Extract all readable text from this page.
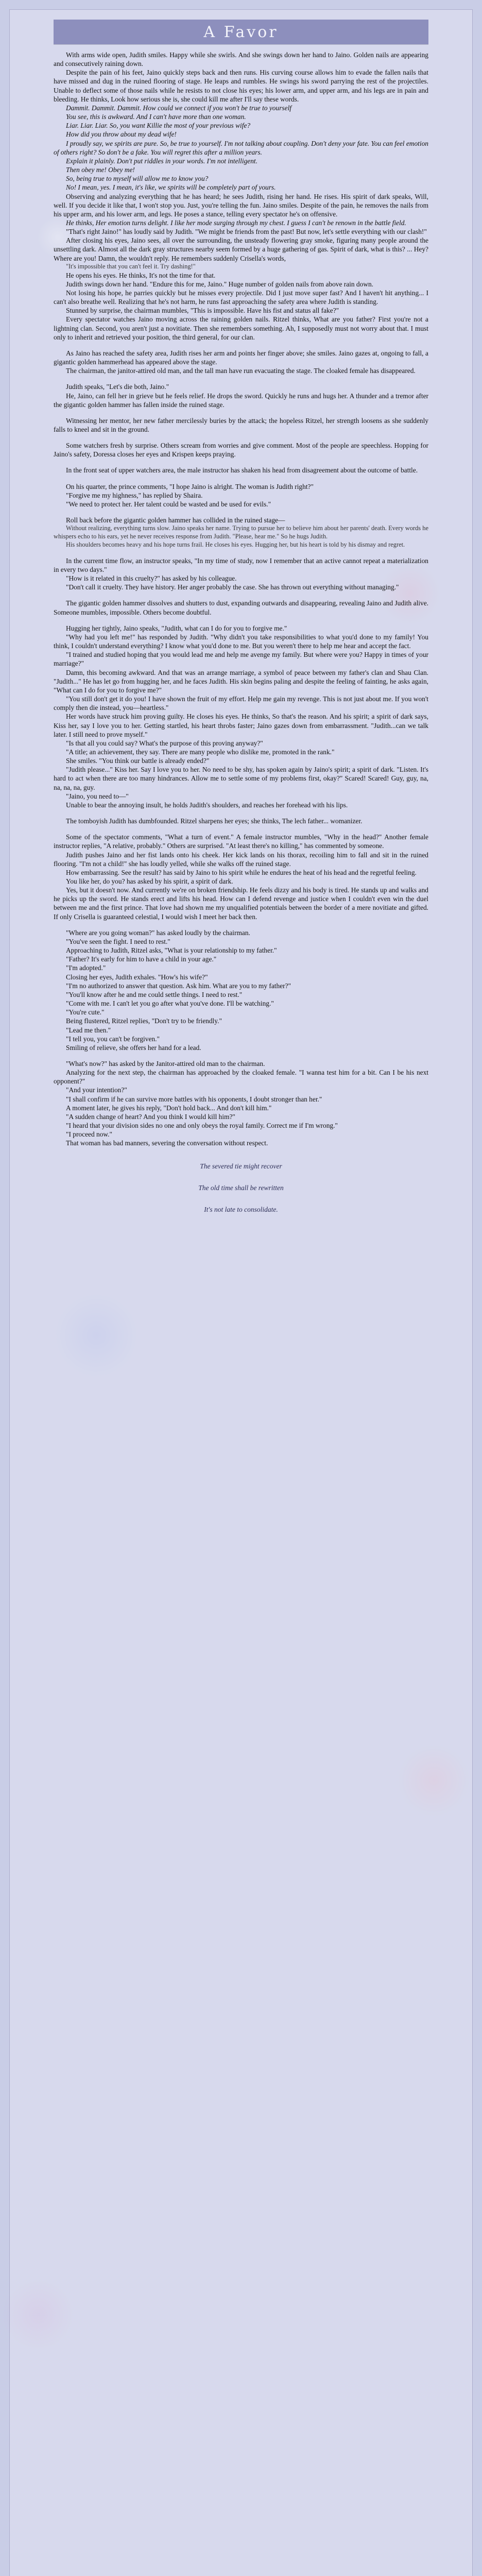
A Favor

With arms wide open, Judith smiles. Happy while she swirls. And she swings down her hand to Jaino. Golden nails are appearing and consecutively raining down.

Despite the pain of his feet, Jaino quickly steps back and then runs. His curving course allows him to evade the fallen nails that have missed and dug in the ruined flooring of stage. He leaps and rumbles. He swings his sword parrying the rest of the projectiles. Unable to deflect some of those nails while he resists to not close his eyes; his lower arm, and upper arm, and his legs are in pain and bleeding. He thinks, Look how serious she is, she could kill me after I'll say these words.

Dammit. Dammit. Dammit. How could we connect if you won't be true to yourself

You see, this is awkward. And I can't have more than one woman.

Liar. Liar. Liar. So, you want Killie the most of your previous wife?

How did you throw about my dead wife!

I proudly say, we spirits are pure. So, be true to yourself. I'm not talking about coupling. Don't deny your fate. You can feel emotion of others right? So don't be a fake. You will regret this after a million years.

Explain it plainly. Don't put riddles in your words. I'm not intelligent.

Then obey me! Obey me!

So, being true to myself will allow me to know you?

No! I mean, yes. I mean, it's like, we spirits will be completely part of yours.

Observing and analyzing everything that he has heard; he sees Judith, rising her hand. He rises. His spirit of dark speaks, Will, well. If you decide it like that, I won't stop you. Just, you're telling the fun. Jaino smiles. Despite of the pain, he removes the nails from his upper arm, and his lower arm, and legs. He poses a stance, telling every spectator he's on offensive.

He thinks, Her emotion turns delight. I like her mode surging through my chest. I guess I can't be renown in the battle field.

"That's right Jaino!" has loudly said by Judith. "We might be friends from the past! But now, let's settle everything with our clash!"

After closing his eyes, Jaino sees, all over the surrounding, the unsteady flowering gray smoke, figuring many people around the unsettling dark. Almost all the dark gray structures nearby seem formed by a huge gathering of gas. Spirit of dark, what is this? ... Hey? Where are you! Damn, the wouldn't reply. He remembers suddenly Crisella's words,

"It's impossible that you can't feel it. Try dashing!"

He opens his eyes. He thinks, It's not the time for that.

Judith swings down her hand. "Endure this for me, Jaino." Huge number of golden nails from above rain down.

Not losing his hope, he parries quickly but he misses every projectile. Did I just move super fast? And I haven't hit anything... I can't also breathe well. Realizing that he's not harm, he runs fast approaching the safety area where Judith is standing.

Stunned by surprise, the chairman mumbles, "This is impossible. Have his fist and status all fake?"

Every spectator watches Jaino moving across the raining golden nails. Ritzel thinks, What are you father? First you're not a lightning clan. Second, you aren't just a novitiate. Then she remembers something. Ah, I supposedly must not worry about that. I must only to inherit and retrieved your position, the third general, for our clan.

As Jaino has reached the safety area, Judith rises her arm and points her finger above; she smiles. Jaino gazes at, ongoing to fall, a gigantic golden hammerhead has appeared above the stage.

The chairman, the janitor-attired old man, and the tall man have run evacuating the stage. The cloaked female has disappeared.

Judith speaks, "Let's die both, Jaino."

He, Jaino, can fell her in grieve but he feels relief. He drops the sword. Quickly he runs and hugs her. A thunder and a tremor after the gigantic golden hammer has fallen inside the ruined stage.

Witnessing her mentor, her new father mercilessly buries by the attack; the hopeless Ritzel, her strength loosens as she suddenly falls to kneel and sit in the ground.

Some watchers fresh by surprise. Others scream from worries and give comment. Most of the people are speechless. Hopping for Jaino's safety, Doressa closes her eyes and Krispen keeps praying.

In the front seat of upper watchers area, the male instructor has shaken his head from disagreement about the outcome of battle.

On his quarter, the prince comments, "I hope Jaino is alright. The woman is Judith right?"

"Forgive me my highness," has replied by Shaira.

"We need to protect her. Her talent could be wasted and be used for evils."

Roll back before the gigantic golden hammer has collided in the ruined stage—

Without realizing, everything turns slow. Jaino speaks her name. Trying to pursue her to believe him about her parents' death. Every words he whispers echo to his ears, yet he never receives response from Judith. "Please, hear me." So he hugs Judith.

His shoulders becomes heavy and his hope turns frail. He closes his eyes. Hugging her, but his heart is told by his dismay and regret.

In the current time flow, an instructor speaks, "In my time of study, now I remember that an active cannot repeat a materialization in every two days."

"How is it related in this cruelty?" has asked by his colleague.

"Don't call it cruelty. They have history. Her anger probably the case. She has thrown out everything without managing."

The gigantic golden hammer dissolves and shutters to dust, expanding outwards and disappearing, revealing Jaino and Judith alive. Someone mumbles, impossible. Others become doubtful.

Hugging her tightly, Jaino speaks, "Judith, what can I do for you to forgive me."

"Why had you left me!" has responded by Judith. "Why didn't you take responsibilities to what you'd done to my family! You think, I couldn't understand everything? I know what you'd done to me. But you weren't there to help me hear and accept the fact.

"I trained and studied hoping that you would lead me and help me avenge my family. But where were you? Happy in times of your marriage?"

Damn, this becoming awkward. And that was an arrange marriage, a symbol of peace between my father's clan and Shau Clan. "Judith..." He has let go from hugging her, and he faces Judith. His skin begins paling and despite the feeling of fainting, he asks again, "What can I do for you to forgive me?"

"You still don't get it do you! I have shown the fruit of my effort. Help me gain my revenge. This is not just about me. If you won't comply then die instead, you—heartless."

Her words have struck him proving guilty. He closes his eyes. He thinks, So that's the reason. And his spirit; a spirit of dark says, Kiss her, say I love you to her. Getting startled, his heart throbs faster; Jaino gazes down from embarrassment. "Judith...can we talk later. I still need to prove myself."

"Is that all you could say? What's the purpose of this proving anyway?"

"A title; an achievement, they say. There are many people who dislike me, promoted in the rank."

She smiles. "You think our battle is already ended?"

"Judith please..." Kiss her. Say I love you to her. No need to be shy, has spoken again by Jaino's spirit; a spirit of dark. "Listen. It's hard to act when there are too many hindrances. Allow me to settle some of my problems first, okay?" Scared! Scared! Guy, guy, na, na, na, na, guy.

"Jaino, you need to—"

Unable to bear the annoying insult, he holds Judith's shoulders, and reaches her forehead with his lips.

The tomboyish Judith has dumbfounded. Ritzel sharpens her eyes; she thinks, The lech father... womanizer.

Some of the spectator comments, "What a turn of event." A female instructor mumbles, "Why in the head?" Another female instructor replies, "A relative, probably." Others are surprised. "At least there's no killing," has commented by someone.

Judith pushes Jaino and her fist lands onto his cheek. Her kick lands on his thorax, recoiling him to fall and sit in the ruined flooring. "I'm not a child!" she has loudly yelled, while she walks off the ruined stage.

How embarrassing. See the result? has said by Jaino to his spirit while he endures the heat of his head and the regretful feeling.

You like her, do you? has asked by his spirit, a spirit of dark.

Yes, but it doesn't now. And currently we're on broken friendship. He feels dizzy and his body is tired. He stands up and walks and he picks up the sword. He stands erect and lifts his head. How can I defend revenge and justice when I couldn't even win the duel between me and the first prince. That love had shown me my unqualified potentials between the border of a mere novitiate and gifted. If only Crisella is guaranteed celestial, I would wish I meet her back then.

"Where are you going woman?" has asked loudly by the chairman.

"You've seen the fight. I need to rest."

Approaching to Judith, Ritzel asks, "What is your relationship to my father."

"Father? It's early for him to have a child in your age."

"I'm adopted."

Closing her eyes, Judith exhales. "How's his wife?"

"I'm no authorized to answer that question. Ask him. What are you to my father?"

"You'll know after he and me could settle things. I need to rest."

"Come with me. I can't let you go after what you've done. I'll be watching."

"You're cute."

Being flustered, Ritzel replies, "Don't try to be friendly."

"Lead me then."

"I tell you, you can't be forgiven."

Smiling of relieve, she offers her hand for a lead.

"What's now?" has asked by the Janitor-attired old man to the chairman.

Analyzing for the next step, the chairman has approached by the cloaked female. "I wanna test him for a bit. Can I be his next opponent?"

"And your intention?"

"I shall confirm if he can survive more battles with his opponents, I doubt stronger than her."

A moment later, he gives his reply, "Don't hold back... And don't kill him."

"A sudden change of heart? And you think I would kill him?"

"I heard that your division sides no one and only obeys the royal family. Correct me if I'm wrong."

"I proceed now."

That woman has bad manners, severing the conversation without respect.

The severed tie might recover

The old time shall be rewritten

It's not late to consolidate.
